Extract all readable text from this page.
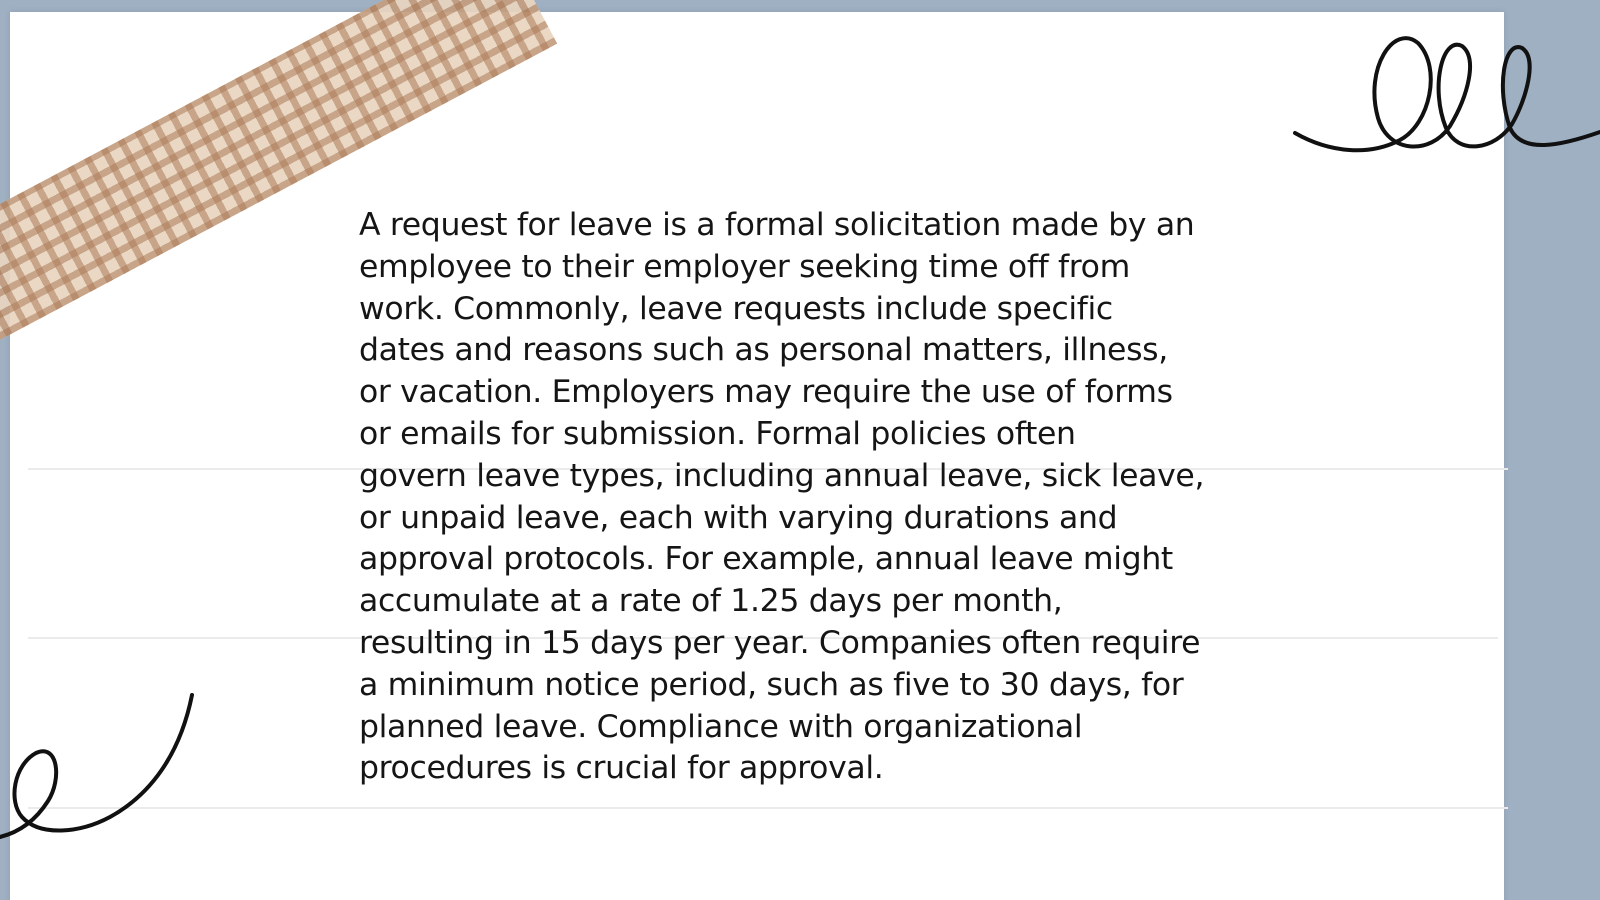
A request for leave is a formal solicitation made by an
employee to their employer seeking time off from
work. Commonly, leave requests include specific
dates and reasons such as personal matters, illness,
or vacation. Employers may require the use of forms
or emails for submission. Formal policies often
govern leave types, including annual leave, sick leave,
or unpaid leave, each with varying durations and
approval protocols. For example, annual leave might
accumulate at a rate of 1.25 days per month,
resulting in 15 days per year. Companies often require
a minimum notice period, such as five to 30 days, for
planned leave. Compliance with organizational
procedures is crucial for approval.
